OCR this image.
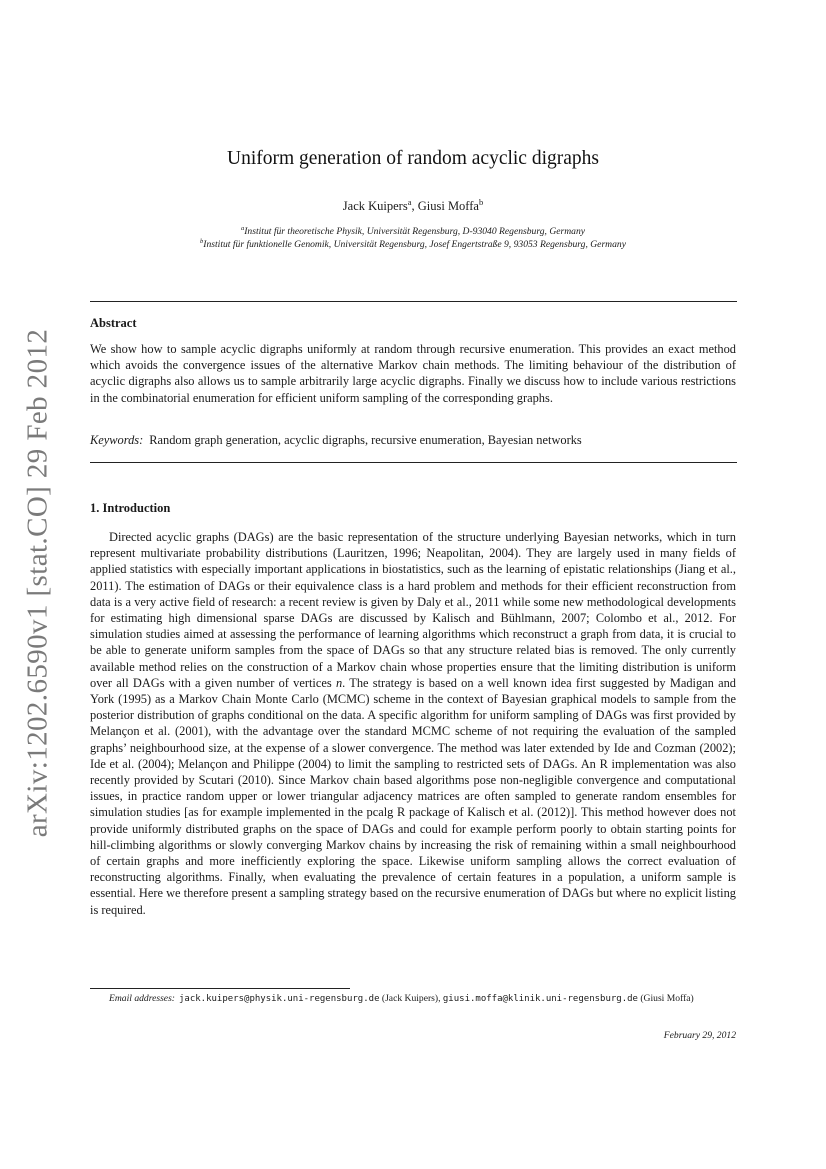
arXiv:1202.6590v1 [stat.CO] 29 Feb 2012
Uniform generation of random acyclic digraphs
Jack Kuipers$^a$, Giusi Moffa$^b$
$^a$Institut für theoretische Physik, Universität Regensburg, D-93040 Regensburg, Germany
$^b$Institut für funktionelle Genomik, Universität Regensburg, Josef Engertstraße 9, 93053 Regensburg, Germany
Abstract

We show how to sample acyclic digraphs uniformly at random through recursive enumeration. This provides an exact method which avoids the convergence issues of the alternative Markov chain methods. The limiting behaviour of the distribution of acyclic digraphs also allows us to sample arbitrarily large acyclic digraphs. Finally we discuss how to include various restrictions in the combinatorial enumeration for efficient uniform sampling of the corresponding graphs.

Keywords: Random graph generation, acyclic digraphs, recursive enumeration, Bayesian networks
1. Introduction

Directed acyclic graphs (DAGs) are the basic representation of the structure underlying Bayesian networks, which in turn represent multivariate probability distributions (Lauritzen, 1996; Neapolitan, 2004). They are largely used in many fields of applied statistics with especially important applications in biostatistics, such as the learning of epistatic relationships (Jiang et al., 2011). The estimation of DAGs or their equivalence class is a hard problem and methods for their efficient reconstruction from data is a very active field of research: a recent review is given by Daly et al., 2011 while some new methodological developments for estimating high dimensional sparse DAGs are discussed by Kalisch and Bühlmann, 2007; Colombo et al., 2012. For simulation studies aimed at assessing the performance of learning algorithms which reconstruct a graph from data, it is crucial to be able to generate uniform samples from the space of DAGs so that any structure related bias is removed. The only currently available method relies on the construction of a Markov chain whose properties ensure that the limiting distribution is uniform over all DAGs with a given number of vertices n. The strategy is based on a well known idea first suggested by Madigan and York (1995) as a Markov Chain Monte Carlo (MCMC) scheme in the context of Bayesian graphical models to sample from the posterior distribution of graphs conditional on the data. A specific algorithm for uniform sampling of DAGs was first provided by Melançon et al. (2001), with the advantage over the standard MCMC scheme of not requiring the evaluation of the sampled graphs’ neighbourhood size, at the expense of a slower convergence. The method was later extended by Ide and Cozman (2002); Ide et al. (2004); Melançon and Philippe (2004) to limit the sampling to restricted sets of DAGs. An R implementation was also recently provided by Scutari (2010). Since Markov chain based algorithms pose non-negligible convergence and computational issues, in practice random upper or lower triangular adjacency matrices are often sampled to generate random ensembles for simulation studies [as for example implemented in the pcalg R package of Kalisch et al. (2012)]. This method however does not provide uniformly distributed graphs on the space of DAGs and could for example perform poorly to obtain starting points for hill-climbing algorithms or slowly converging Markov chains by increasing the risk of remaining within a small neighbourhood of certain graphs and more inefficiently exploring the space. Likewise uniform sampling allows the correct evaluation of reconstructing algorithms. Finally, when evaluating the prevalence of certain features in a population, a uniform sample is essential. Here we therefore present a sampling strategy based on the recursive enumeration of DAGs but where no explicit listing is required.

Email addresses: jack.kuipers@physik.uni-regensburg.de (Jack Kuipers), giusi.moffa@klinik.uni-regensburg.de (Giusi Moffa)
February 29, 2012
